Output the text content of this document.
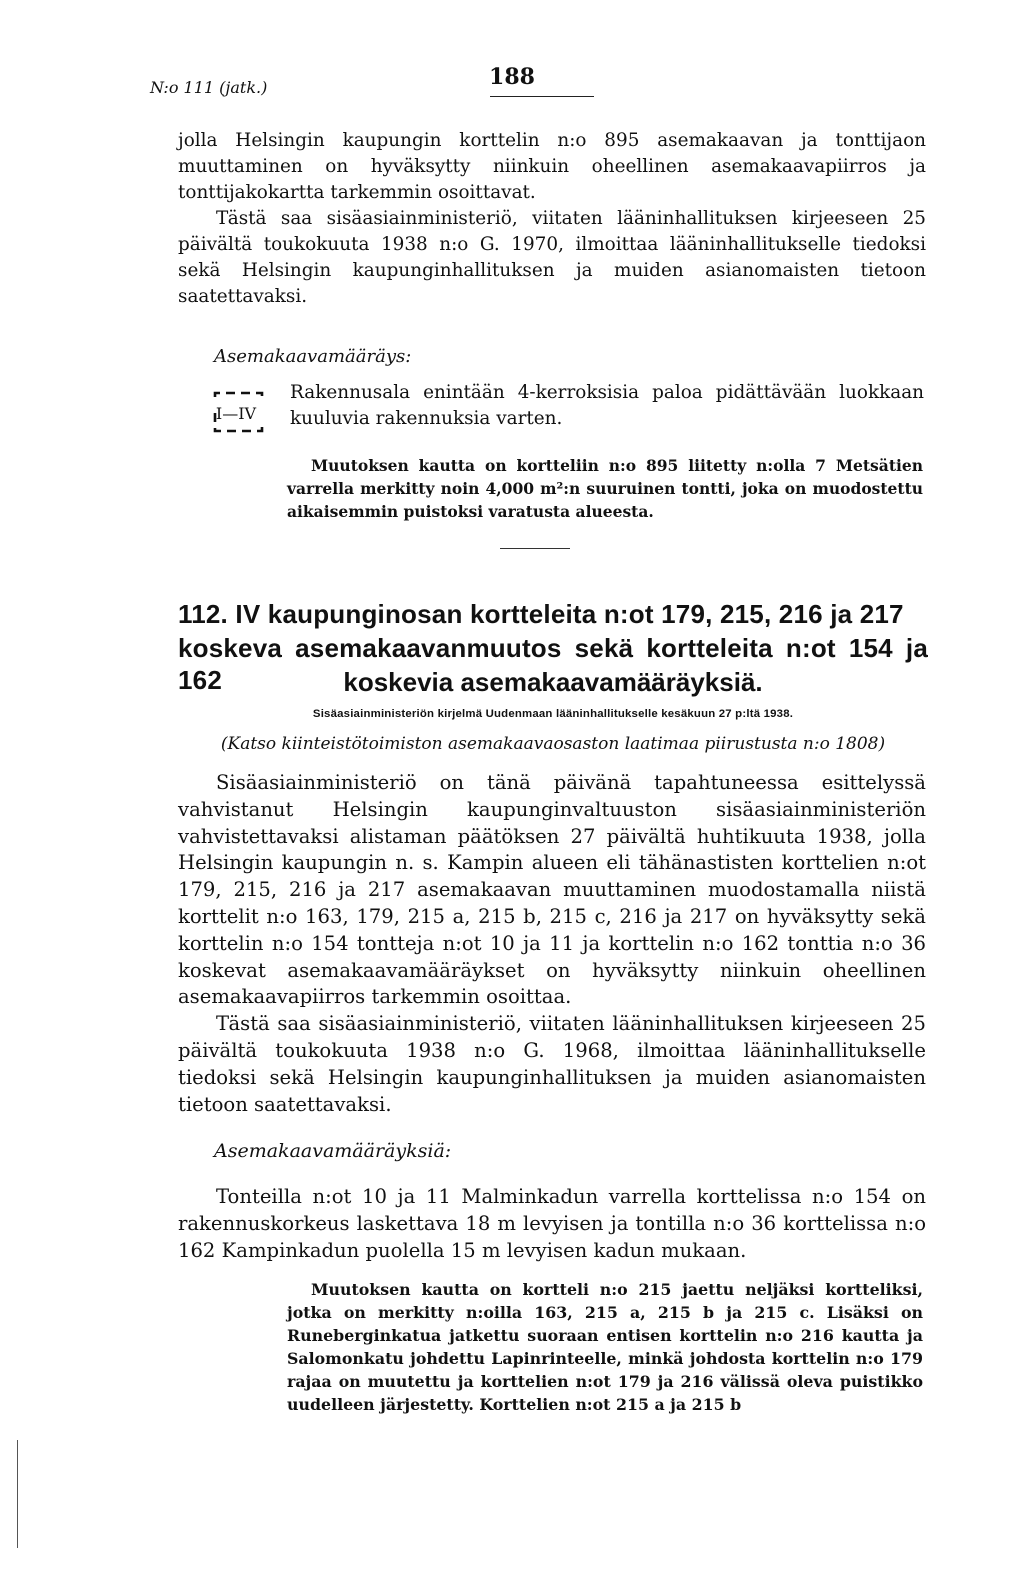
N:o 111 (jatk.)	188

jolla Helsingin kaupungin korttelin n:o 895 asemakaavan ja tonttijaon muuttaminen on hyväksytty niinkuin oheellinen asemakaavapiirros ja tonttijakokartta tarkemmin osoittavat.

Tästä saa sisäasiainministeriö, viitaten lääninhallituksen kirjeeseen 25 päivältä toukokuuta 1938 n:o G. 1970, ilmoittaa lääninhallitukselle tiedoksi sekä Helsingin kaupunginhallituksen ja muiden asianomaisten tietoon saatettavaksi.

Asemakaavamääräys:
I—IV
Rakennusala enintään 4-kerroksisia paloa pidättävään luokkaan kuuluvia rakennuksia varten.

Muutoksen kautta on kortteliin n:o 895 liitetty n:olla 7 Metsätien varrella merkitty noin 4,000 m²:n suuruinen tontti, joka on muodostettu aikaisemmin puistoksi varatusta alueesta.

112. IV kaupunginosan kortteleita n:ot 179, 215, 216 ja 217
koskeva asemakaavanmuutos sekä kortteleita n:ot 154 ja 162	koskevia asemakaavamääräyksiä.
Sisäasiainministeriön kirjelmä Uudenmaan lääninhallitukselle kesäkuun 27 p:ltä 1938.
(Katso kiinteistötoimiston asemakaavaosaston laatimaa piirustusta n:o 1808)

Sisäasiainministeriö on tänä päivänä tapahtuneessa esittelyssä vahvistanut Helsingin kaupunginvaltuuston sisäasiainministeriön vahvistettavaksi alistaman päätöksen 27 päivältä huhtikuuta 1938, jolla Helsingin kaupungin n. s. Kampin alueen eli tähänastisten korttelien n:ot 179, 215, 216 ja 217 asemakaavan muuttaminen muodostamalla niistä korttelit n:o 163, 179, 215 a, 215 b, 215 c, 216 ja 217 on hyväksytty sekä korttelin n:o 154 tontteja n:ot 10 ja 11 ja korttelin n:o 162 tonttia n:o 36 koskevat asemakaavamääräykset on hyväksytty niinkuin oheellinen asemakaavapiirros tarkemmin osoittaa.

Tästä saa sisäasiainministeriö, viitaten lääninhallituksen kirjeeseen 25 päivältä toukokuuta 1938 n:o G. 1968, ilmoittaa lääninhallitukselle tiedoksi sekä Helsingin kaupunginhallituksen ja muiden asianomaisten tietoon saatettavaksi.

Asemakaavamääräyksiä:

Tonteilla n:ot 10 ja 11 Malminkadun varrella korttelissa n:o 154 on rakennuskorkeus laskettava 18 m levyisen ja tontilla n:o 36 korttelissa n:o 162 Kampinkadun puolella 15 m levyisen kadun mukaan.

Muutoksen kautta on kortteli n:o 215 jaettu neljäksi kortteliksi, jotka on merkitty n:oilla 163, 215 a, 215 b ja 215 c. Lisäksi on Runeberginkatua jatkettu suoraan entisen korttelin n:o 216 kautta ja Salomonkatu johdettu Lapinrinteelle, minkä johdosta korttelin n:o 179 rajaa on muutettu ja korttelien n:ot 179 ja 216 välissä oleva puistikko uudelleen järjestetty. Korttelien n:ot 215 a ja 215 b
